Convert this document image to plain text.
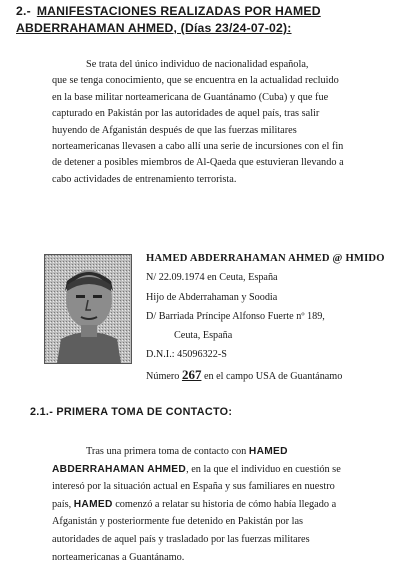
2.- MANIFESTACIONES REALIZADAS POR HAMED
ABDERRAHAMAN AHMED, (Días 23/24-07-02):
Se trata del único individuo de nacionalidad española,
que se tenga conocimiento, que se encuentra en la actualidad recluido
en la base militar norteamericana de Guantánamo (Cuba) y que fue
capturado en Pakistán por las autoridades de aquel país, tras salir
huyendo de Afganistán después de que las fuerzas militares
norteamericanas llevasen a cabo allí una serie de incursiones con el fin
de detener a posibles miembros de Al-Qaeda que estuvieran llevando a
cabo actividades de entrenamiento terrorista.
HAMED ABDERRAHAMAN AHMED @ HMIDO
N/ 22.09.1974 en Ceuta, España
Hijo de Abderrahaman y Soodia
D/ Barriada Príncipe Alfonso Fuerte nº 189,
Ceuta, España
D.N.I.: 45096322-S
Número 267 en el campo USA de Guantánamo
2.1.- PRIMERA TOMA DE CONTACTO:
Tras una primera toma de contacto con HAMED
ABDERRAHAMAN AHMED, en la que el individuo en cuestión se
interesó por la situación actual en España y sus familiares en nuestro
país, HAMED comenzó a relatar su historia de cómo había llegado a
Afganistán y posteriormente fue detenido en Pakistán por las
autoridades de aquel país y trasladado por las fuerzas militares
norteamericanas a Guantánamo.
